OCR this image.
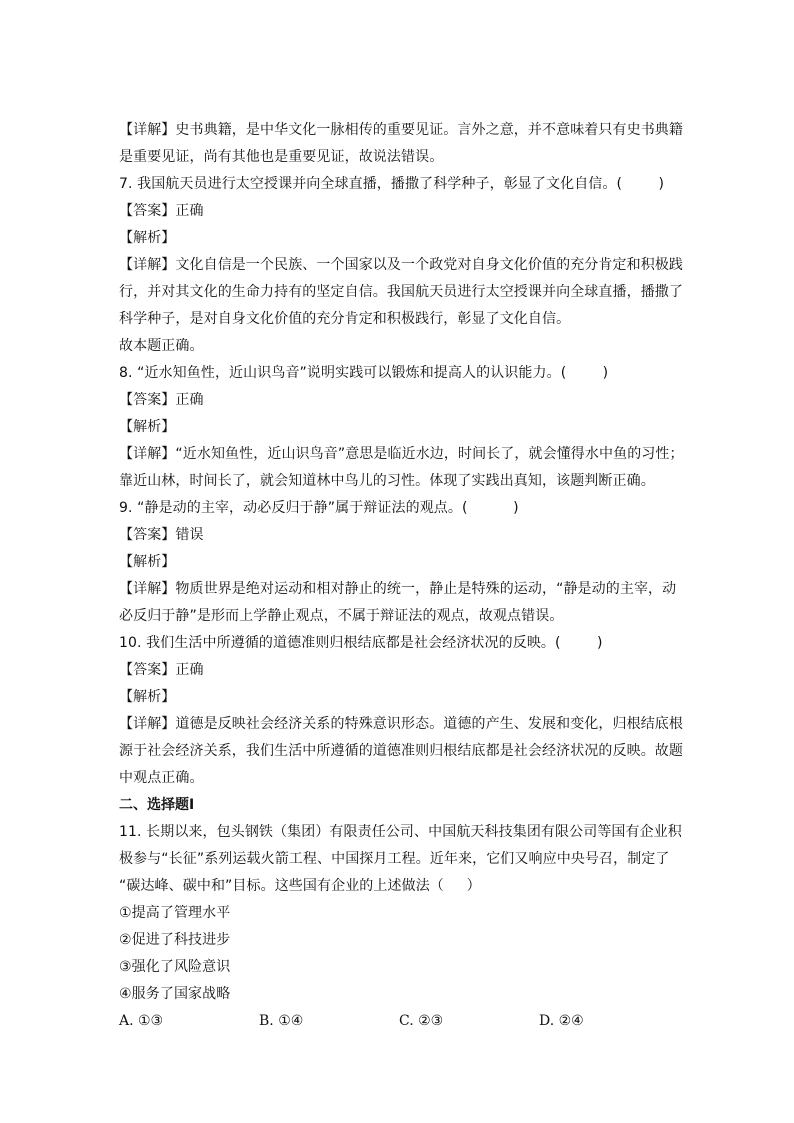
【详解】史书典籍，是中华文化一脉相传的重要见证。言外之意，并不意味着只有史书典籍
是重要见证，尚有其他也是重要见证，故说法错误。
7. 我国航天员进行太空授课并向全球直播，播撒了科学种子，彰显了文化自信。(        )
【答案】正确
【解析】
【详解】文化自信是一个民族、一个国家以及一个政党对自身文化价值的充分肯定和积极践
行，并对其文化的生命力持有的坚定自信。我国航天员进行太空授课并向全球直播，播撒了
科学种子，是对自身文化价值的充分肯定和积极践行，彰显了文化自信。
故本题正确。
8. “近水知鱼性，近山识鸟音”说明实践可以锻炼和提高人的认识能力。(        )
【答案】正确
【解析】
【详解】“近水知鱼性，近山识鸟音”意思是临近水边，时间长了，就会懂得水中鱼的习性；
靠近山林，时间长了，就会知道林中鸟儿的习性。体现了实践出真知，该题判断正确。
9. “静是动的主宰，动必反归于静”属于辩证法的观点。(          )
【答案】错误
【解析】
【详解】物质世界是绝对运动和相对静止的统一，静止是特殊的运动，“静是动的主宰，动
必反归于静”是形而上学静止观点，不属于辩证法的观点，故观点错误。
10. 我们生活中所遵循的道德准则归根结底都是社会经济状况的反映。(        )
【答案】正确
【解析】
【详解】道德是反映社会经济关系的特殊意识形态。道德的产生、发展和变化，归根结底根
源于社会经济关系，我们生活中所遵循的道德准则归根结底都是社会经济状况的反映。故题
中观点正确。
二、选择题Ⅰ
11. 长期以来，包头钢铁（集团）有限责任公司、中国航天科技集团有限公司等国有企业积
极参与“长征”系列运载火箭工程、中国探月工程。近年来，它们又响应中央号召，制定了
“碳达峰、碳中和”目标。这些国有企业的上述做法（     ）
①提高了管理水平
②促进了科技进步
③强化了风险意识
④服务了国家战略
A. ①③	B. ①④	C. ②③	D. ②④
